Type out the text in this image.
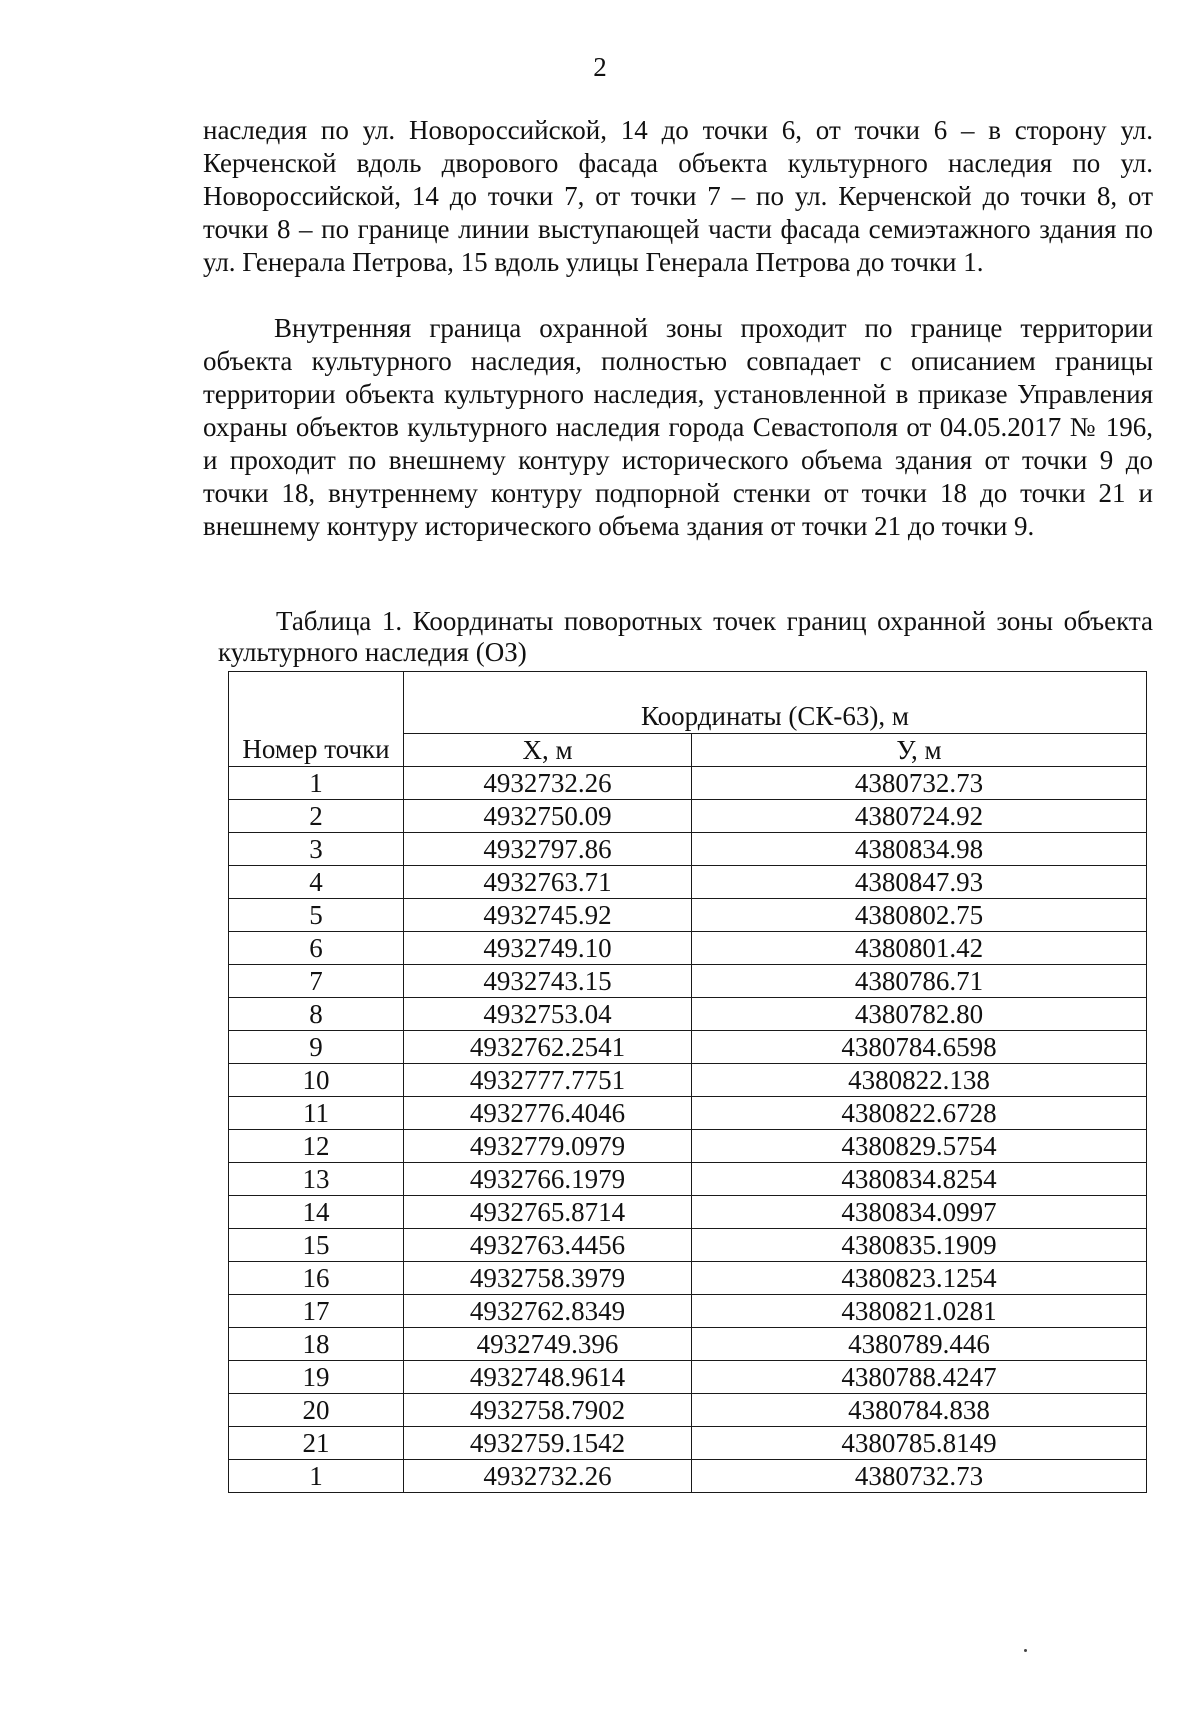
2

наследия по ул. Новороссийской, 14 до точки 6, от точки 6 – в сторону ул. Керченской вдоль дворового фасада объекта культурного наследия по ул. Новороссийской, 14 до точки 7, от точки 7 – по ул. Керченской до точки 8, от точки 8 – по границе линии выступающей части фасада семиэтажного здания по ул. Генерала Петрова, 15 вдоль улицы Генерала Петрова до точки 1.

Внутренняя граница охранной зоны проходит по границе территории объекта культурного наследия, полностью совпадает с описанием границы территории объекта культурного наследия, установленной в приказе Управления охраны объектов культурного наследия города Севастополя от 04.05.2017 № 196, и проходит по внешнему контуру исторического объема здания от точки 9 до точки 18, внутреннему контуру подпорной стенки от точки 18 до точки 21 и внешнему контуру исторического объема здания от точки 21 до точки 9.

Таблица 1. Координаты поворотных точек границ охранной зоны объекта культурного наследия (ОЗ)

Номер точки	Координаты (СК-63), м	
	X, м	У, м
1	4932732.26	4380732.73
2	4932750.09	4380724.92
3	4932797.86	4380834.98
4	4932763.71	4380847.93
5	4932745.92	4380802.75
6	4932749.10	4380801.42
7	4932743.15	4380786.71
8	4932753.04	4380782.80
9	4932762.2541	4380784.6598
10	4932777.7751	4380822.138
11	4932776.4046	4380822.6728
12	4932779.0979	4380829.5754
13	4932766.1979	4380834.8254
14	4932765.8714	4380834.0997
15	4932763.4456	4380835.1909
16	4932758.3979	4380823.1254
17	4932762.8349	4380821.0281
18	4932749.396	4380789.446
19	4932748.9614	4380788.4247
20	4932758.7902	4380784.838
21	4932759.1542	4380785.8149
1	4932732.26	4380732.73
